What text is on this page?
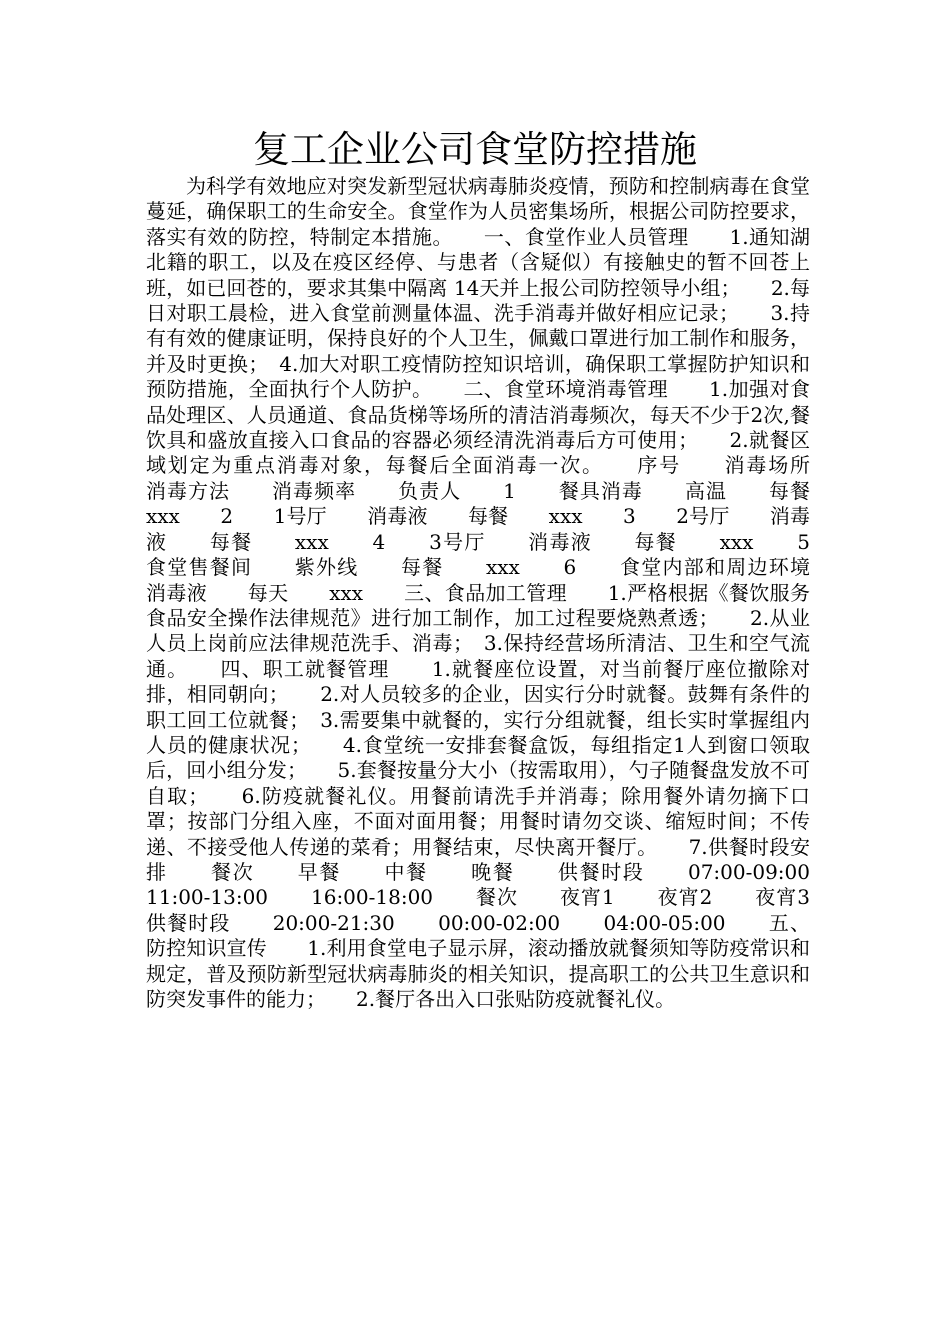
复工企业公司食堂防控措施

为科学有效地应对突发新型冠状病毒肺炎疫情，预防和控制病毒在食堂蔓延，确保职工的生命安全。食堂作为人员密集场所，根据公司防控要求，落实有效的防控，特制定本措施。　　一、食堂作业人员管理　　1.通知湖北籍的职工，以及在疫区经停、与患者（含疑似）有接触史的暂不回苍上班，如已回苍的，要求其集中隔离 14天并上报公司防控领导小组；　　2.每日对职工晨检，进入食堂前测量体温、洗手消毒并做好相应记录；　　3.持有有效的健康证明，保持良好的个人卫生，佩戴口罩进行加工制作和服务，并及时更换；　4.加大对职工疫情防控知识培训，确保职工掌握防护知识和预防措施，全面执行个人防护。　　二、食堂环境消毒管理　　1.加强对食品处理区、人员通道、食品货梯等场所的清洁消毒频次，每天不少于2次,餐饮具和盛放直接入口食品的容器必须经清洗消毒后方可使用；　　2.就餐区域划定为重点消毒对象，每餐后全面消毒一次。　　序号　　消毒场所　　消毒方法　　消毒频率　　负责人　　1　　餐具消毒　　高温　　每餐　　xxx　　2　　1号厅　　消毒液　　每餐　　xxx　　3　　2号厅　　消毒液　　每餐　　xxx　　4　　3号厅　　消毒液　　每餐　　xxx　　5　　食堂售餐间　　紫外线　　每餐　　xxx　　6　　食堂内部和周边环境　　消毒液　　每天　　xxx　　三、食品加工管理　　1.严格根据《餐饮服务食品安全操作法律规范》进行加工制作，加工过程要烧熟煮透；　　2.从业人员上岗前应法律规范洗手、消毒；　3.保持经营场所清洁、卫生和空气流通。　　四、职工就餐管理　　1.就餐座位设置，对当前餐厅座位撤除对排，相同朝向；　　2.对人员较多的企业，因实行分时就餐。鼓舞有条件的职工回工位就餐；　3.需要集中就餐的，实行分组就餐，组长实时掌握组内人员的健康状况；　　4.食堂统一安排套餐盒饭，每组指定1人到窗口领取后，回小组分发；　　5.套餐按量分大小（按需取用），勺子随餐盘发放不可自取；　　6.防疫就餐礼仪。用餐前请洗手并消毒；除用餐外请勿摘下口罩；按部门分组入座，不面对面用餐；用餐时请勿交谈、缩短时间；不传递、不接受他人传递的菜肴；用餐结束，尽快离开餐厅。　　7.供餐时段安排　　餐次　　早餐　　中餐　　晚餐　　供餐时段　　07:00-09:00　　11:00-13:00　　16:00-18:00　　餐次　　夜宵1　　夜宵2　　夜宵3　　供餐时段　　20:00-21:30　　00:00-02:00　　04:00-05:00　　五、防控知识宣传　　1.利用食堂电子显示屏，滚动播放就餐须知等防疫常识和规定，普及预防新型冠状病毒肺炎的相关知识，提高职工的公共卫生意识和防突发事件的能力；　　2.餐厅各出入口张贴防疫就餐礼仪。
